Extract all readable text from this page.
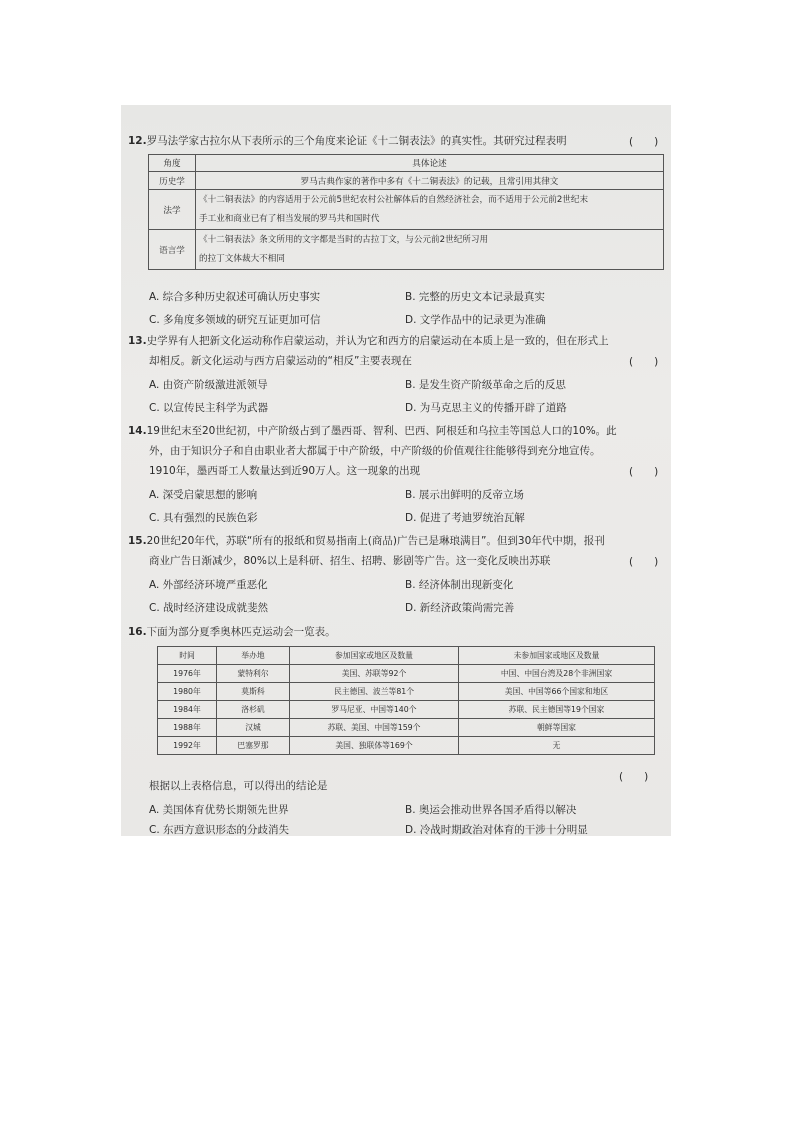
12.罗马法学家古拉尔从下表所示的三个角度来论证《十二铜表法》的真实性。其研究过程表明	(　　)
角度	具体论述
历史学	罗马古典作家的著作中多有《十二铜表法》的记载，且常引用其律文
法学	《十二铜表法》的内容适用于公元前5世纪农村公社解体后的自然经济社会，而不适用于公元前2世纪末
手工业和商业已有了相当发展的罗马共和国时代

语言学	《十二铜表法》条文所用的文字都是当时的古拉丁文，与公元前2世纪所习用
的拉丁文体裁大不相同
A. 综合多种历史叙述可确认历史事实	B. 完整的历史文本记录最真实
C. 多角度多领域的研究互证更加可信	D. 文学作品中的记录更为准确
13.史学界有人把新文化运动称作启蒙运动，并认为它和西方的启蒙运动在本质上是一致的，但在形式上
却相反。新文化运动与西方启蒙运动的“相反”主要表现在	(　　)
A. 由资产阶级激进派领导	B. 是发生资产阶级革命之后的反思
C. 以宣传民主科学为武器	D. 为马克思主义的传播开辟了道路
14.19世纪末至20世纪初，中产阶级占到了墨西哥、智利、巴西、阿根廷和乌拉圭等国总人口的10%。此
外，由于知识分子和自由职业者大都属于中产阶级，中产阶级的价值观往往能够得到充分地宣传。
1910年，墨西哥工人数量达到近90万人。这一现象的出现	(　　)
A. 深受启蒙思想的影响	B. 展示出鲜明的反帝立场
C. 具有强烈的民族色彩	D. 促进了考迪罗统治瓦解
15.20世纪20年代，苏联“所有的报纸和贸易指南上(商品)广告已是琳琅满目”。但到30年代中期，报刊
商业广告日渐减少，80%以上是科研、招生、招聘、影剧等广告。这一变化反映出苏联	(　　)
A. 外部经济环境严重恶化	B. 经济体制出现新变化
C. 战时经济建设成就斐然	D. 新经济政策尚需完善
16.下面为部分夏季奥林匹克运动会一览表。
时间	举办地	参加国家或地区及数量	未参加国家或地区及数量
1976年	蒙特利尔	美国、苏联等92个	中国、中国台湾及28个非洲国家
1980年	莫斯科	民主德国、波兰等81个	美国、中国等66个国家和地区
1984年	洛杉矶	罗马尼亚、中国等140个	苏联、民主德国等19个国家
1988年	汉城	苏联、美国、中国等159个	朝鲜等国家
1992年	巴塞罗那	美国、独联体等169个	无
根据以上表格信息，可以得出的结论是
(　　)
A. 美国体育优势长期领先世界	B. 奥运会推动世界各国矛盾得以解决
C. 东西方意识形态的分歧消失	D. 冷战时期政治对体育的干涉十分明显
